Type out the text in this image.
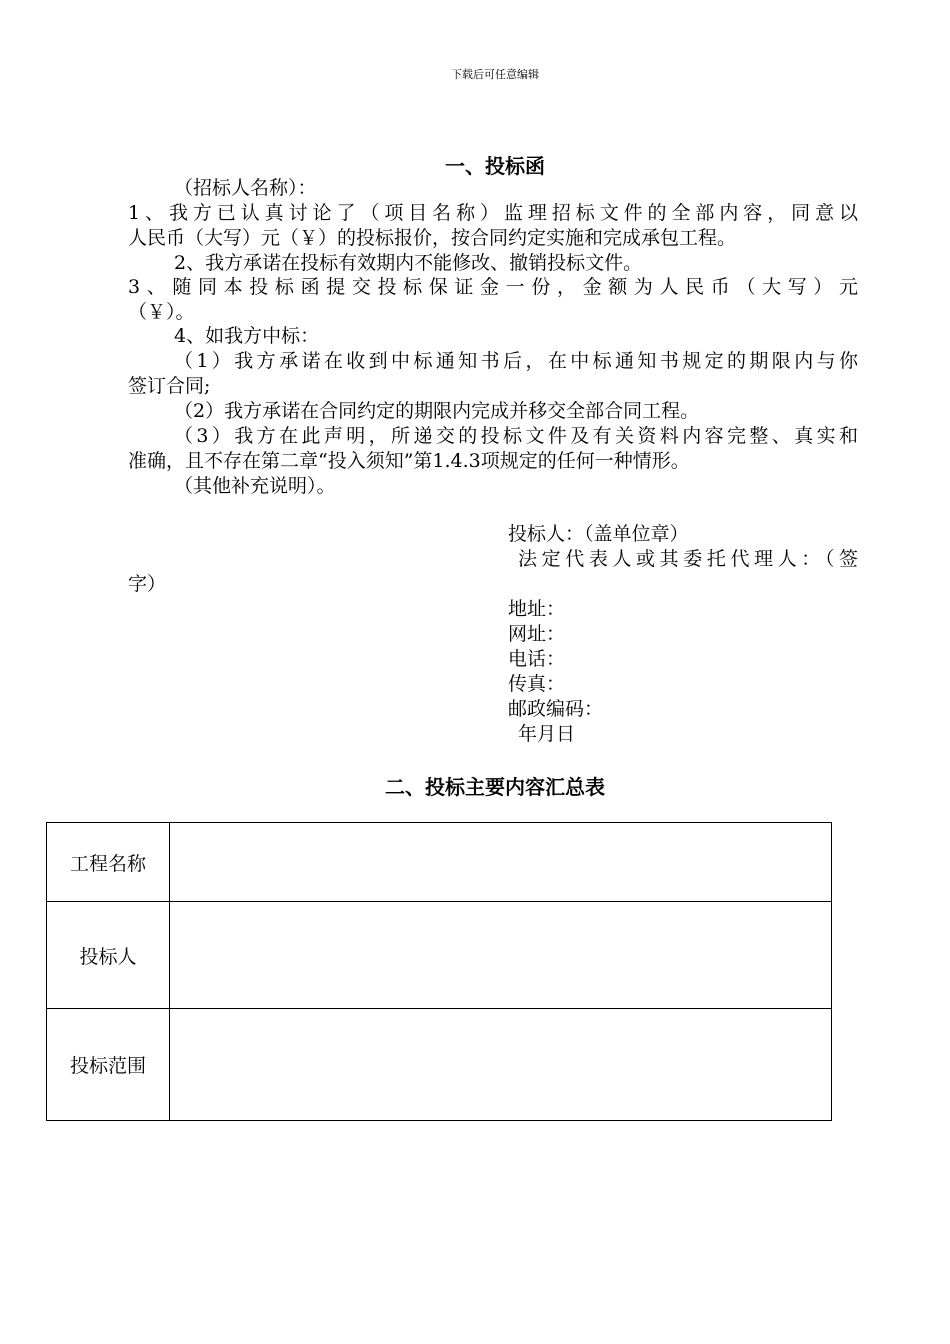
下载后可任意编辑
一、投标函
（招标人名称）：
1、我方已认真讨论了（项目名称）监理招标文件的全部内容，同意以
人民币（大写）元（￥）的投标报价，按合同约定实施和完成承包工程。
2、我方承诺在投标有效期内不能修改、撤销投标文件。
3、随同本投标函提交投标保证金一份，金额为人民币（大写）元
（￥）。
4、如我方中标：
（1）我方承诺在收到中标通知书后，在中标通知书规定的期限内与你
签订合同;
（2）我方承诺在合同约定的期限内完成并移交全部合同工程。
（3）我方在此声明，所递交的投标文件及有关资料内容完整、真实和
准确，且不存在第二章“投入须知”第1.4.3项规定的任何一种情形。
（其他补充说明）。
投标人：（盖单位章）
法定代表人或其委托代理人：（签
字）
地址：
网址：
电话：
传真：
邮政编码：
年月日
二、投标主要内容汇总表
工程名称	
投标人	
投标范围	
